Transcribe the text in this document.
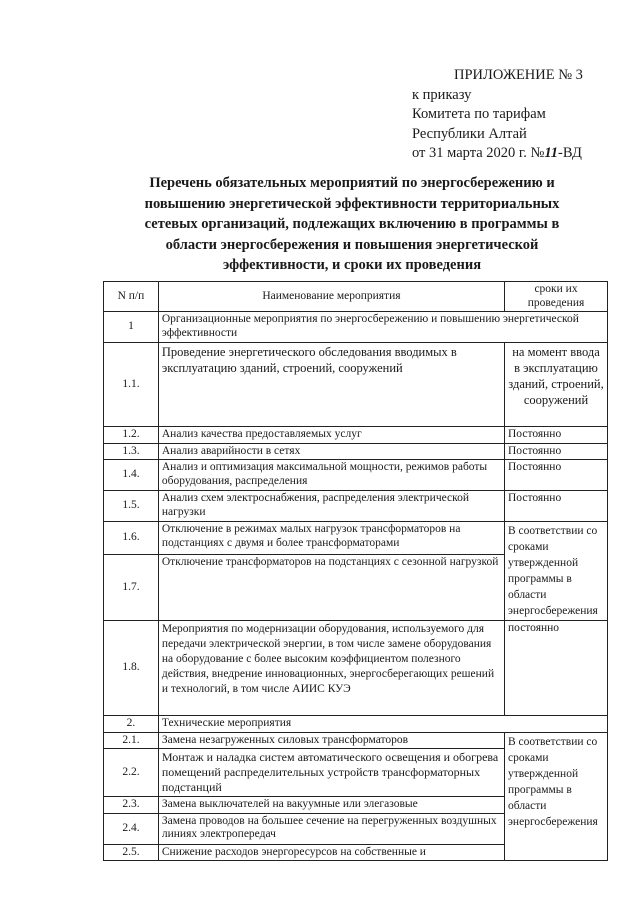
ПРИЛОЖЕНИЕ № 3
к приказу
Комитета по тарифам
Республики Алтай
от 31 марта 2020 г. №11-ВД
Перечень обязательных мероприятий по энергосбережению и повышению энергетической эффективности территориальных сетевых организаций, подлежащих включению в программы в области энергосбережения и повышения энергетической эффективности, и сроки их проведения
N п/п	Наименование мероприятия	сроки их проведения
1	Организационные мероприятия по энергосбережению и повышению энергетической эффективности	
1.1.	Проведение энергетического обследования вводимых в эксплуатацию зданий, строений, сооружений	на момент ввода в эксплуатацию зданий, строений, сооружений
1.2.	Анализ качества предоставляемых услуг	Постоянно
1.3.	Анализ аварийности в сетях	Постоянно
1.4.	Анализ и оптимизация максимальной мощности, режимов работы оборудования, распределения	Постоянно
1.5.	Анализ схем электроснабжения, распределения электрической нагрузки	Постоянно
1.6.	Отключение в режимах малых нагрузок трансформаторов на подстанциях с двумя и более трансформаторами	В соответствии со сроками утвержденной программы в области энергосбережения
1.7.	Отключение трансформаторов на подстанциях с сезонной нагрузкой	
1.8.	Мероприятия по модернизации оборудования, используемого для передачи электрической энергии, в том числе замене оборудования на оборудование с более высоким коэффициентом полезного действия, внедрение инновационных, энергосберегающих решений и технологий, в том числе АИИС КУЭ	постоянно
2.	Технические мероприятия	
2.1.	Замена незагруженных силовых трансформаторов	В соответствии со сроками утвержденной программы в области энергосбережения
2.2.	Монтаж и наладка систем автоматического освещения и обогрева помещений распределительных устройств трансформаторных подстанций	
2.3.	Замена выключателей на вакуумные или элегазовые	
2.4.	Замена проводов на большее сечение на перегруженных воздушных линиях электропередач	
2.5.	Снижение расходов энергоресурсов на собственные и	
